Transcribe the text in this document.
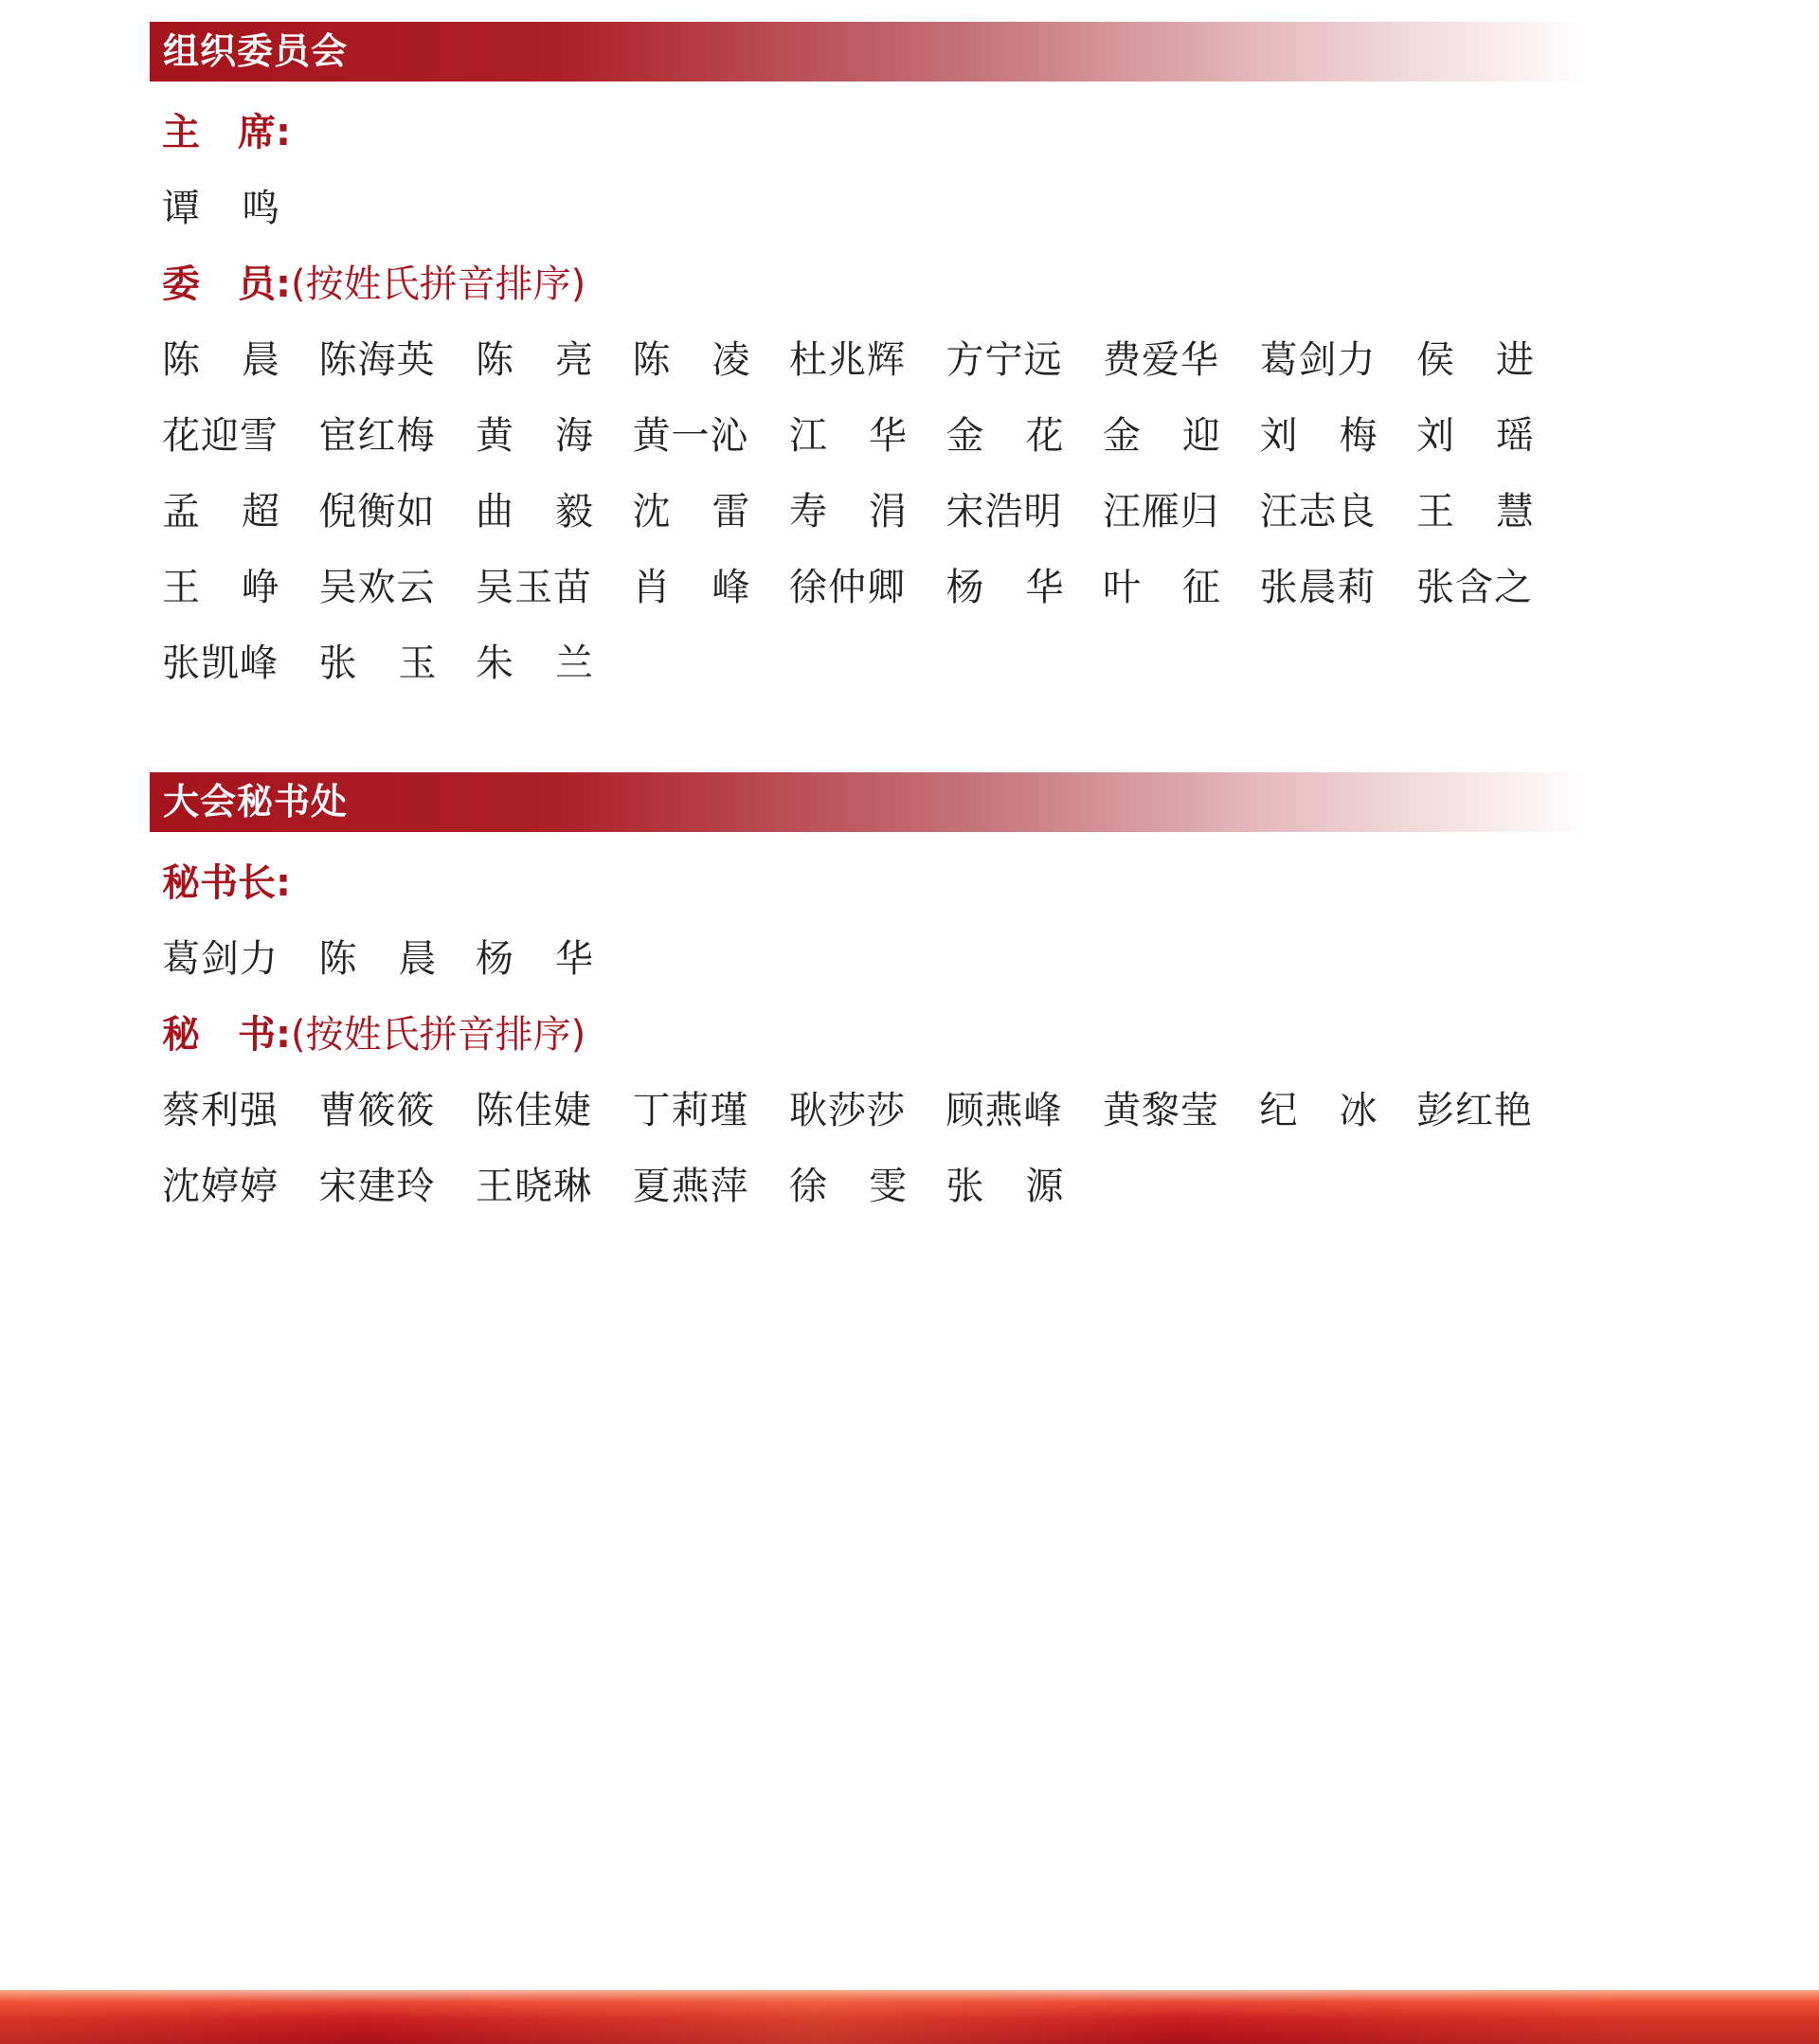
组织委员会
主　席:
谭 鸣
委　员: (按姓氏拼音排序)
陈 晨 陈海英 陈 亮 陈 凌 杜兆辉 方宁远 费爱华 葛剑力 侯 进
花迎雪 宦红梅 黄 海 黄一沁 江 华 金 花 金 迎 刘 梅 刘 瑶
孟 超 倪衡如 曲 毅 沈 雷 寿 涓 宋浩明 汪雁归 汪志良 王 慧
王 峥 吴欢云 吴玉苗 肖 峰 徐仲卿 杨 华 叶 征 张晨莉 张含之
张凯峰 张 玉 朱 兰
大会秘书处
秘书长:
葛剑力 陈 晨 杨 华
秘　书: (按姓氏拼音排序)
蔡利强 曹筱筱 陈佳婕 丁莉瑾 耿莎莎 顾燕峰 黄黎莹 纪 冰 彭红艳
沈婷婷 宋建玲 王晓琳 夏燕萍 徐 雯 张 源
